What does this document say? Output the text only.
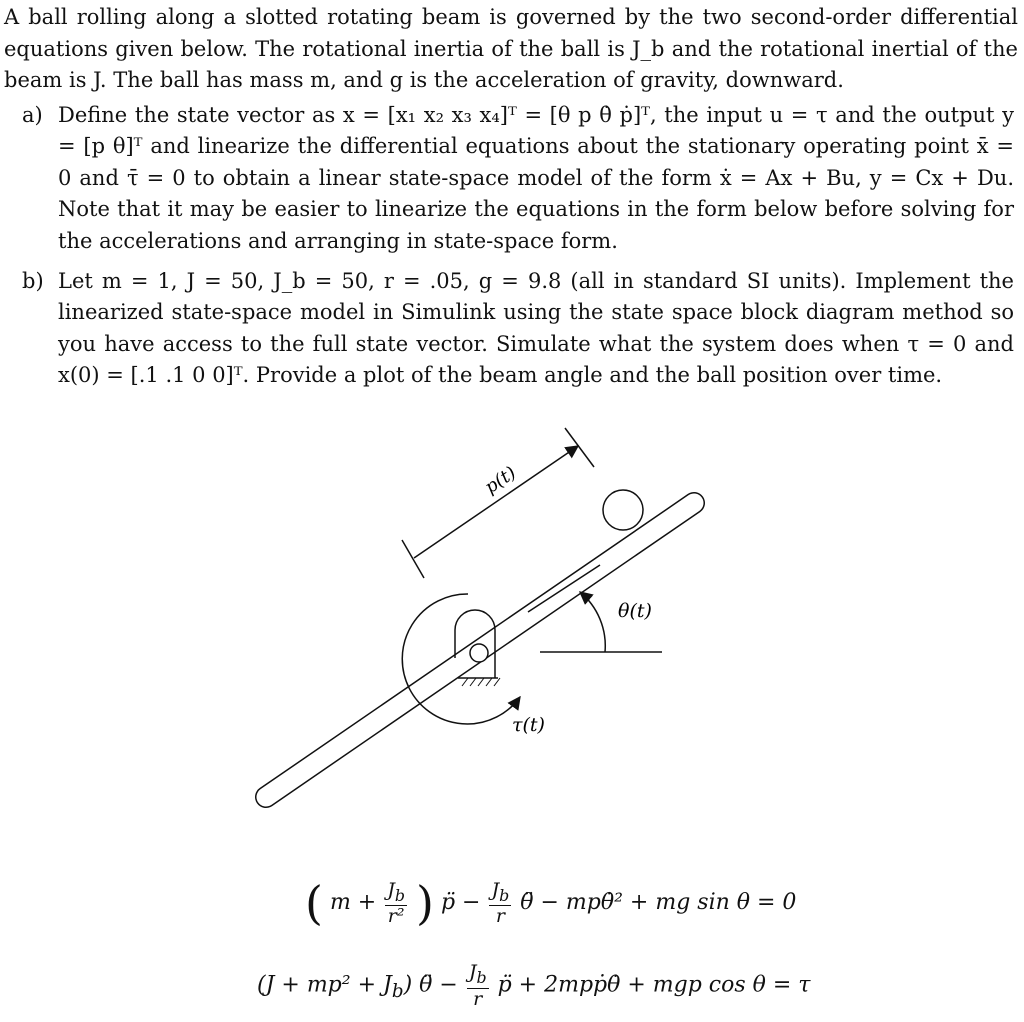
A ball rolling along a slotted rotating beam is governed by the two second-order differential equations given below. The rotational inertia of the ball is J_b and the rotational inertial of the beam is J. The ball has mass m, and g is the acceleration of gravity, downward.
a) Define the state vector as x = [x₁ x₂ x₃ x₄]ᵀ = [θ p θ̇ ṗ]ᵀ, the input u = τ and the output y = [p θ]ᵀ and linearize the differential equations about the stationary operating point x̄ = 0 and τ̄ = 0 to obtain a linear state-space model of the form ẋ = Ax + Bu, y = Cx + Du. Note that it may be easier to linearize the equations in the form below before solving for the accelerations and arranging in state-space form.
b) Let m = 1, J = 50, J_b = 50, r = .05, g = 9.8 (all in standard SI units). Implement the linearized state-space model in Simulink using the state space block diagram method so you have access to the full state vector. Simulate what the system does when τ = 0 and x(0) = [.1 .1 0 0]ᵀ. Provide a plot of the beam angle and the ball position over time.
p(t)
θ(t)
τ(t)
( $m + \frac{J_b}{\text{r²}}$ ) p̈ − $\frac{J_b}{r}$ θ̈ − mpθ̇² + mg sin θ = 0
$(J + mp^2 + J_b)$ θ̈ − $\frac{J_b}{r}$ p̈ + 2mpṗθ̇ + mgp cos θ = τ
